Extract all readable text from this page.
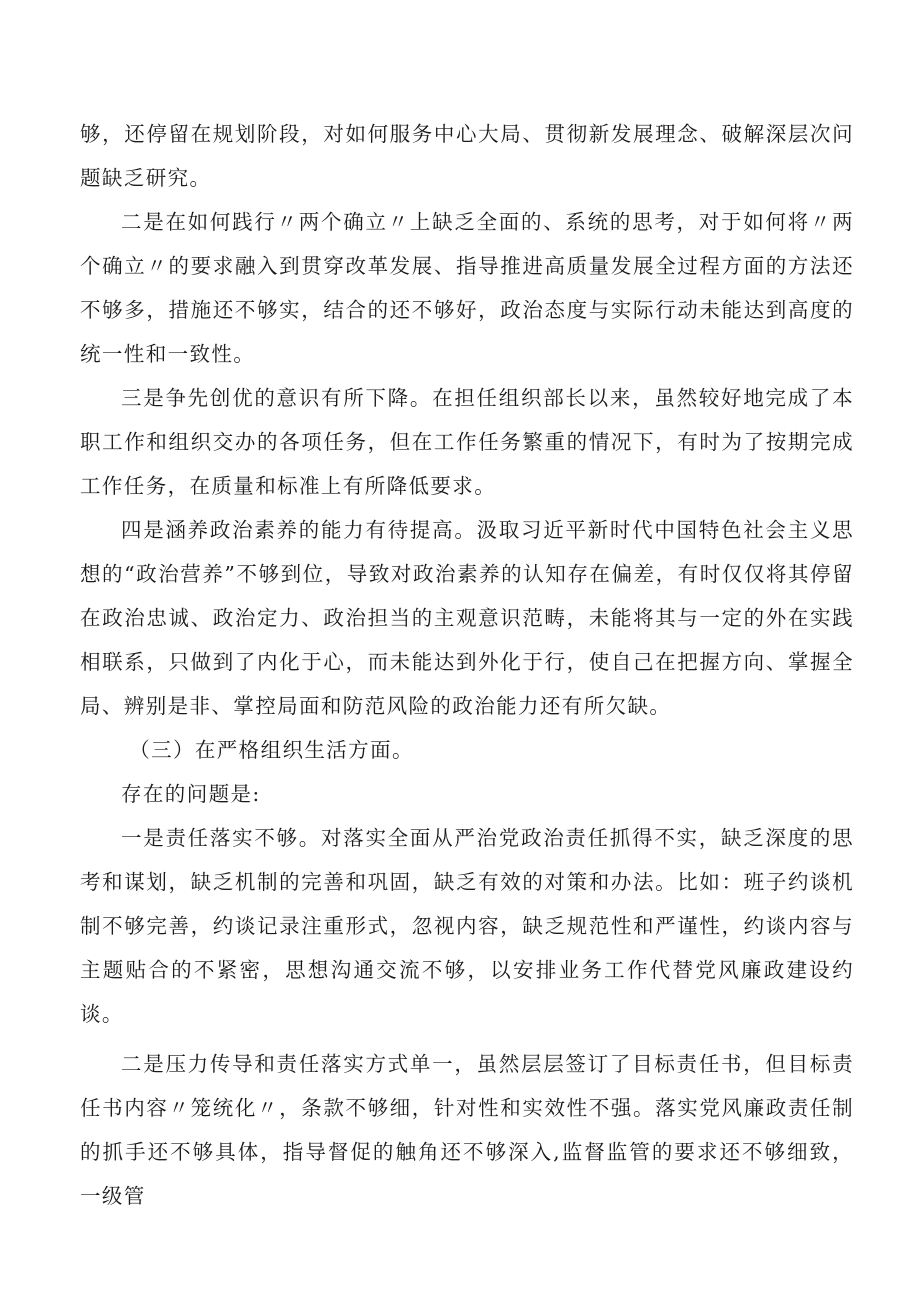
够，还停留在规划阶段，对如何服务中心大局、贯彻新发展理念、破解深层次问题缺乏研究。

二是在如何践行〃两个确立〃上缺乏全面的、系统的思考，对于如何将〃两个确立〃的要求融入到贯穿改革发展、指导推进高质量发展全过程方面的方法还不够多，措施还不够实，结合的还不够好，政治态度与实际行动未能达到高度的统一性和一致性。

三是争先创优的意识有所下降。在担任组织部长以来，虽然较好地完成了本职工作和组织交办的各项任务，但在工作任务繁重的情况下，有时为了按期完成工作任务，在质量和标准上有所降低要求。

四是涵养政治素养的能力有待提高。汲取习近平新时代中国特色社会主义思想的“政治营养”不够到位，导致对政治素养的认知存在偏差，有时仅仅将其停留在政治忠诚、政治定力、政治担当的主观意识范畴，未能将其与一定的外在实践相联系，只做到了内化于心，而未能达到外化于行，使自己在把握方向、掌握全局、辨别是非、掌控局面和防范风险的政治能力还有所欠缺。

（三）在严格组织生活方面。

存在的问题是:

一是责任落实不够。对落实全面从严治党政治责任抓得不实，缺乏深度的思考和谋划，缺乏机制的完善和巩固，缺乏有效的对策和办法。比如：班子约谈机制不够完善，约谈记录注重形式，忽视内容，缺乏规范性和严谨性，约谈内容与主题贴合的不紧密，思想沟通交流不够，以安排业务工作代替党风廉政建设约谈。

二是压力传导和责任落实方式单一，虽然层层签订了目标责任书，但目标责任书内容〃笼统化〃，条款不够细，针对性和实效性不强。落实党风廉政责任制的抓手还不够具体，指导督促的触角还不够深入,监督监管的要求还不够细致，一级管
